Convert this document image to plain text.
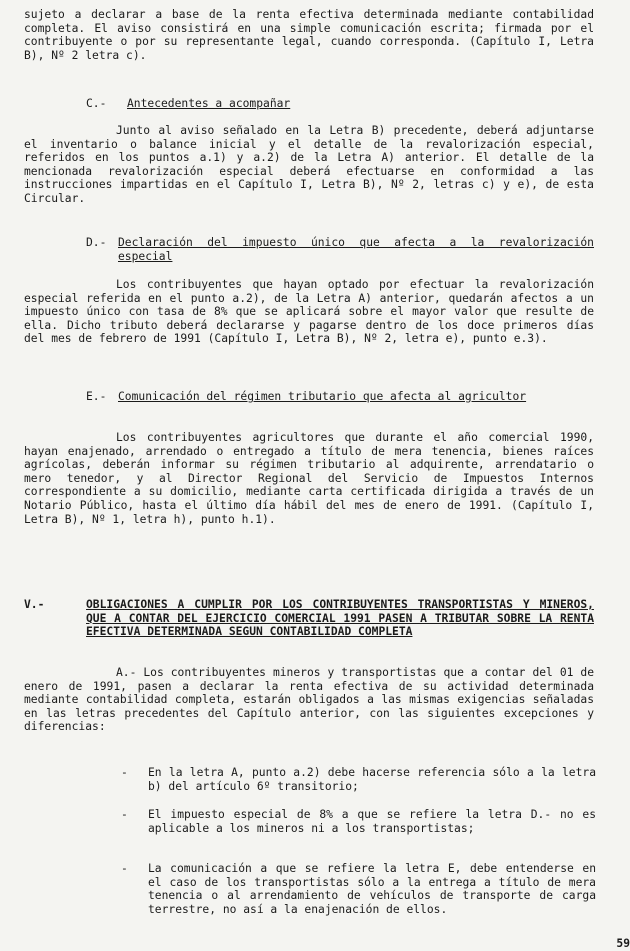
sujeto a declarar a base de la renta efectiva determinada mediante contabilidad completa. El aviso consistirá en una simple comunicación escrita; firmada por el contribuyente o por su representante legal, cuando corresponda. (Capítulo I, Letra B), Nº 2 letra c).

C.- Antecedentes a acompañar

Junto al aviso señalado en la Letra B) precedente, deberá adjuntarse el inventario o balance inicial y el detalle de la revalorización especial, referidos en los puntos a.1) y a.2) de la Letra A) anterior. El detalle de la mencionada revalorización especial deberá efectuarse en conformidad a las instrucciones impartidas en el Capítulo I, Letra B), Nº 2, letras c) y e), de esta Circular.

D.- Declaración del impuesto único que afecta a la revalorización especial

Los contribuyentes que hayan optado por efectuar la revalorización especial referida en el punto a.2), de la Letra A) anterior, quedarán afectos a un impuesto único con tasa de 8% que se aplicará sobre el mayor valor que resulte de ella. Dicho tributo deberá declararse y pagarse dentro de los doce primeros días del mes de febrero de 1991 (Capítulo I, Letra B), Nº 2, letra e), punto e.3).

E.- Comunicación del régimen tributario que afecta al agricultor

Los contribuyentes agricultores que durante el año comercial 1990, hayan enajenado, arrendado o entregado a título de mera tenencia, bienes raíces agrícolas, deberán informar su régimen tributario al adquirente, arrendatario o mero tenedor, y al Director Regional del Servicio de Impuestos Internos correspondiente a su domicilio, mediante carta certificada dirigida a través de un Notario Público, hasta el último día hábil del mes de enero de 1991. (Capítulo I, Letra B), Nº 1, letra h), punto h.1).

V.-	OBLIGACIONES A CUMPLIR POR LOS CONTRIBUYENTES TRANSPORTISTAS Y MINEROS, QUE A CONTAR DEL EJERCICIO COMERCIAL 1991 PASEN A TRIBUTAR SOBRE LA RENTA EFECTIVA DETERMINADA SEGUN CONTABILIDAD COMPLETA

A.- Los contribuyentes mineros y transportistas que a contar del 01 de enero de 1991, pasen a declarar la renta efectiva de su actividad determinada mediante contabilidad completa, estarán obligados a las mismas exigencias señaladas en las letras precedentes del Capítulo anterior, con las siguientes excepciones y diferencias:

- En la letra A, punto a.2) debe hacerse referencia sólo a la letra b) del artículo 6º transitorio;

- El impuesto especial de 8% a que se refiere la letra D.- no es aplicable a los mineros ni a los transportistas;

- La comunicación a que se refiere la letra E, debe entenderse en el caso de los transportistas sólo a la entrega a título de mera tenencia o al arrendamiento de vehículos de transporte de carga terrestre, no así a la enajenación de ellos.

59
